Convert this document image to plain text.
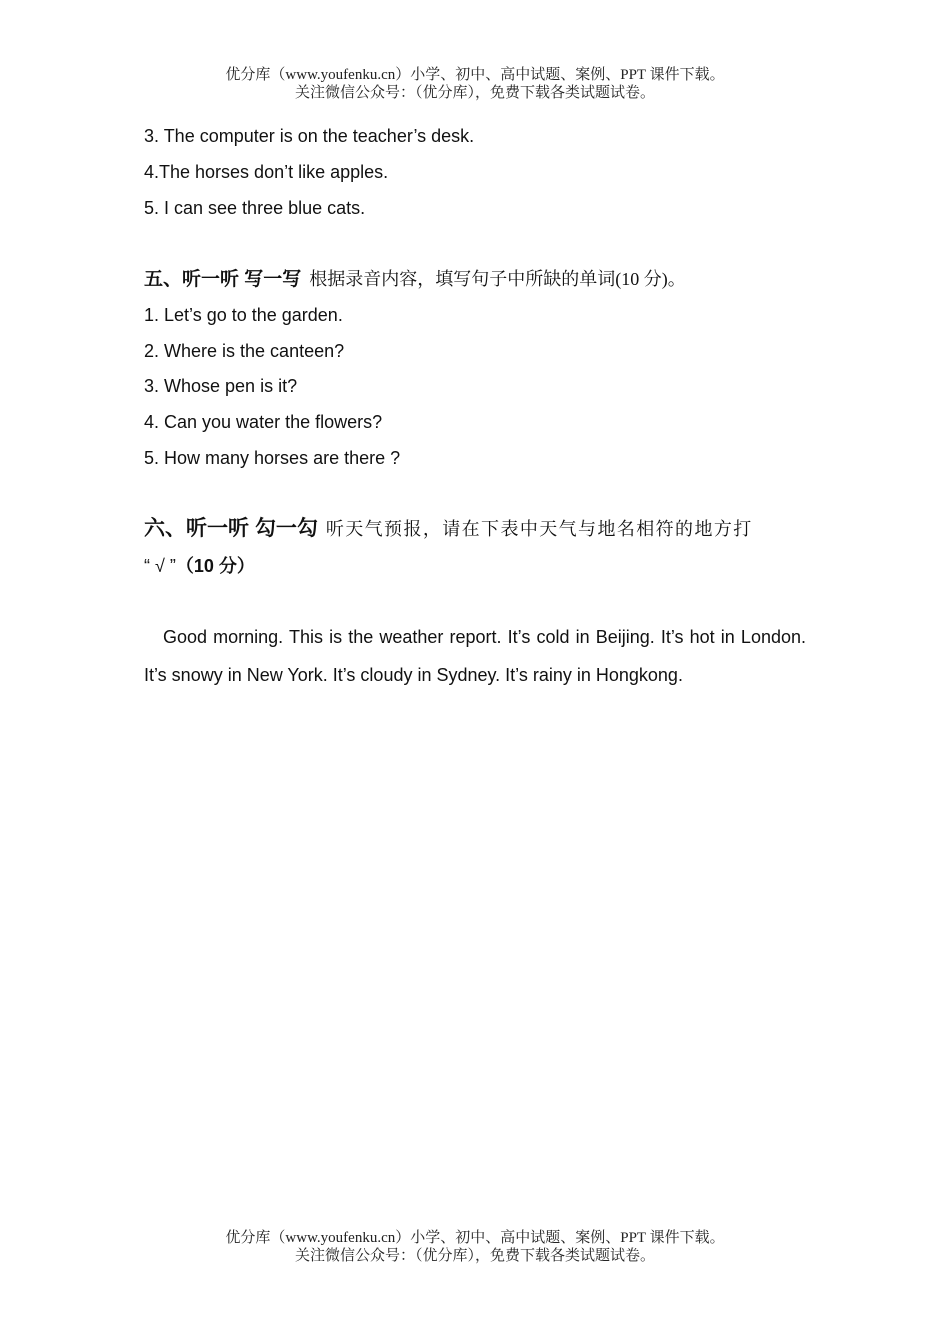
优分库（www.youfenku.cn）小学、初中、高中试题、案例、PPT 课件下载。
关注微信公众号：（优分库），免费下载各类试题试卷。
3. The computer is on the teacher’s desk.
4.The horses don’t like apples.
5. I can see three blue cats.
五、听一听 写一写 根据录音内容，填写句子中所缺的单词(10 分)。
1. Let’s go to the garden.
2. Where is the canteen?
3. Whose pen is it?
4. Can you water the flowers?
5. How many horses are there ?
六、听一听 勾一勾 听天气预报，请在下表中天气与地名相符的地方打
“ √ ”（10 分）
Good morning. This is the weather report. It’s cold in Beijing. It’s hot in London. It’s snowy in New York. It’s cloudy in Sydney. It’s rainy in Hongkong.
优分库（www.youfenku.cn）小学、初中、高中试题、案例、PPT 课件下载。
关注微信公众号：（优分库），免费下载各类试题试卷。
